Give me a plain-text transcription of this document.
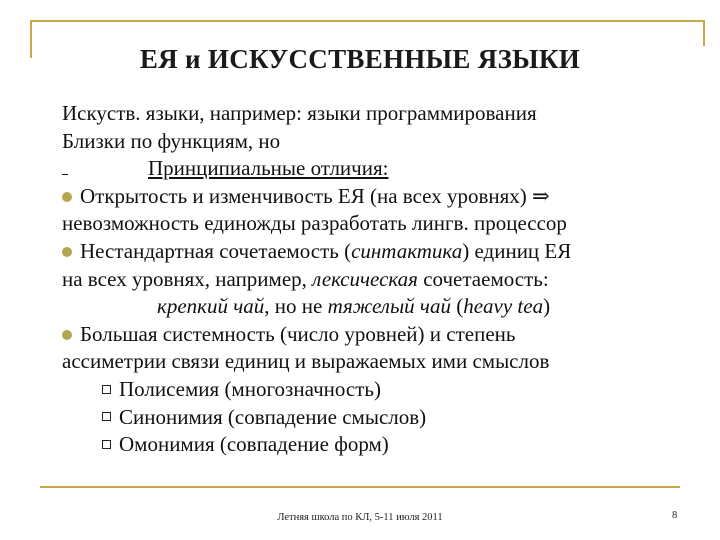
ЕЯ и ИСКУССТВЕННЫЕ ЯЗЫКИ
Искуств. языки, например: языки программирования
Близки по функциям, но
Принципиальные отличия:
Открытость и изменчивость ЕЯ (на всех уровнях) ⇒
невозможность единожды разработать лингв. процессор
Нестандартная сочетаемость (синтактика) единиц ЕЯ
на всех уровнях, например, лексическая сочетаемость:
крепкий чай, но не тяжелый чай (heavy tea)
Большая системность (число уровней) и степень
ассиметрии связи единиц и выражаемых ими смыслов
Полисемия (многозначность)
Синонимия (совпадение смыслов)
Омонимия (совпадение форм)
Летняя школа по КЛ, 5-11 июля 2011	8
